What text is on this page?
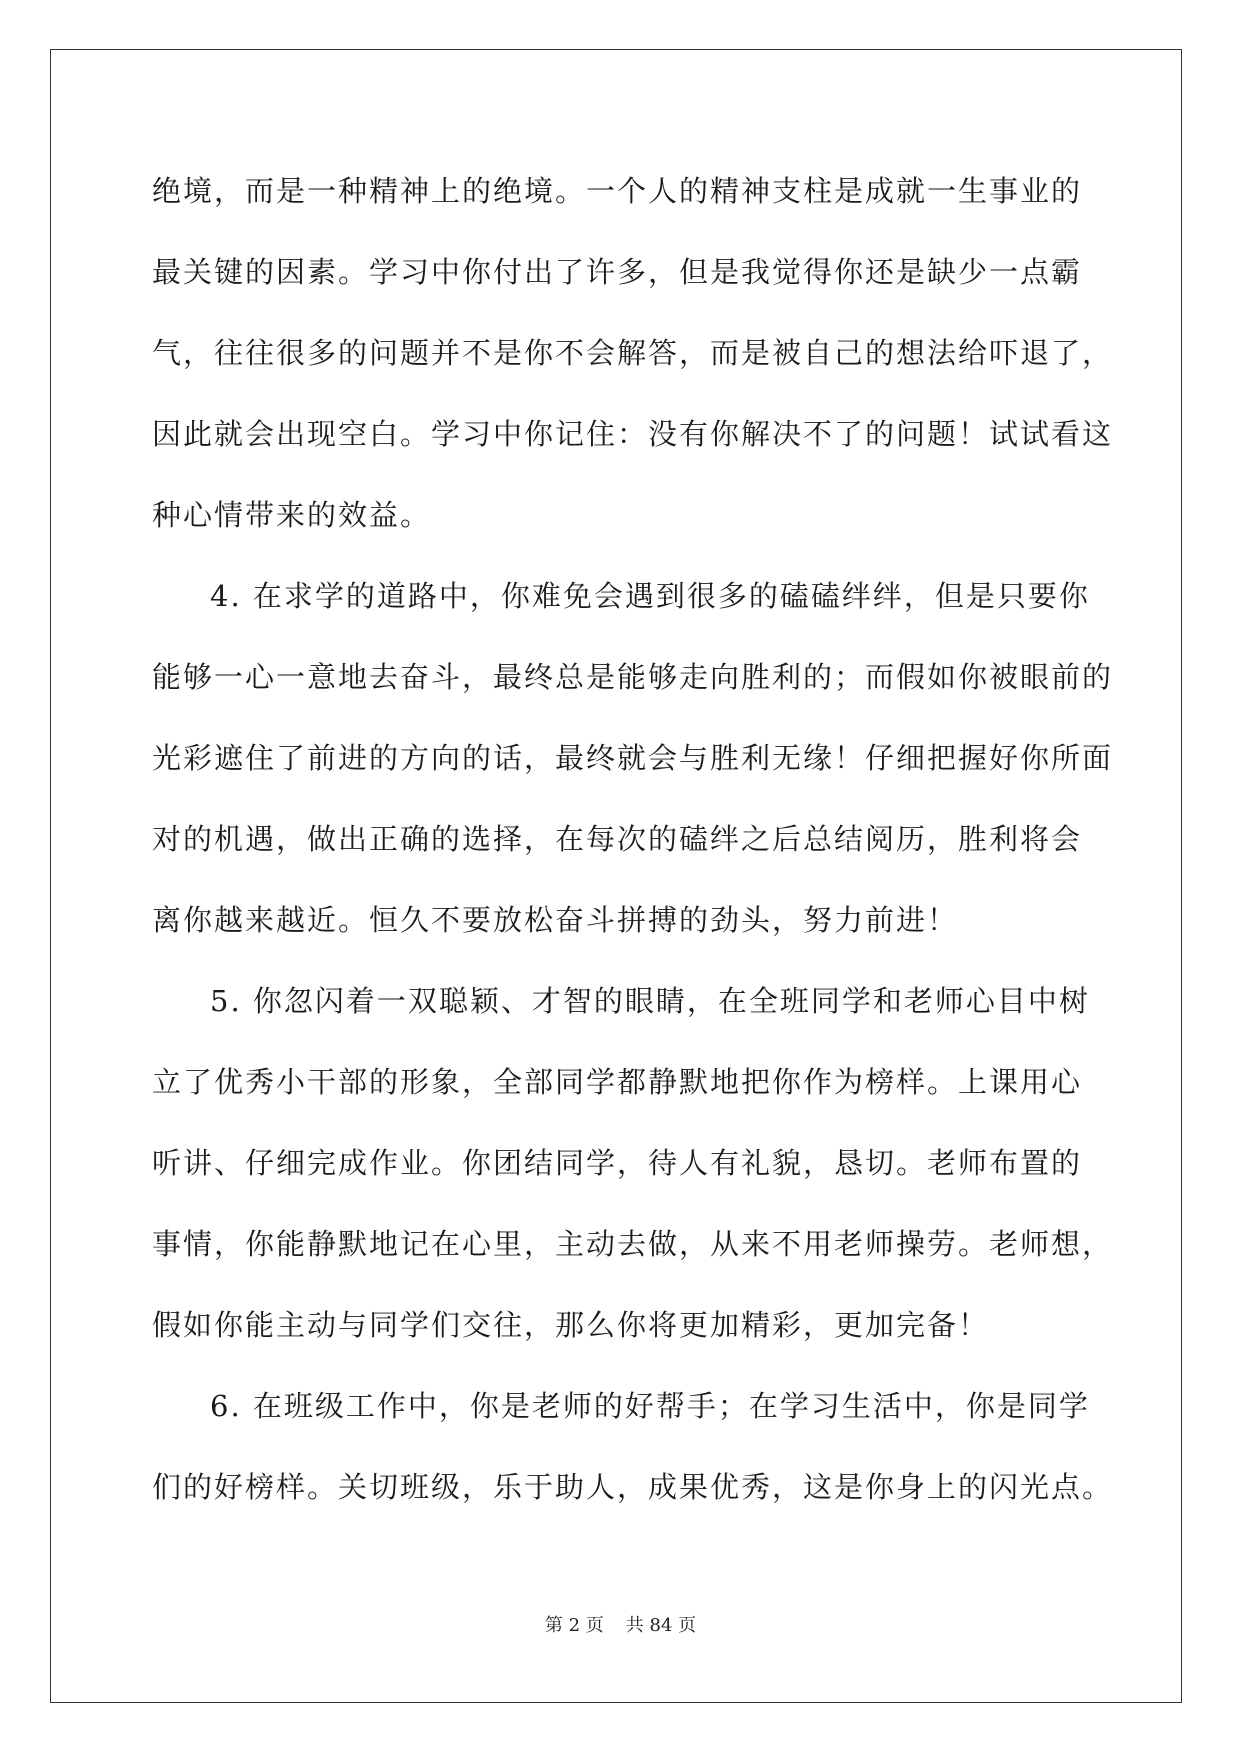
绝境，而是一种精神上的绝境。一个人的精神支柱是成就一生事业的
最关键的因素。学习中你付出了许多，但是我觉得你还是缺少一点霸
气，往往很多的问题并不是你不会解答，而是被自己的想法给吓退了，
因此就会出现空白。学习中你记住：没有你解决不了的问题！试试看这
种心情带来的效益。
4. 在求学的道路中，你难免会遇到很多的磕磕绊绊，但是只要你
能够一心一意地去奋斗，最终总是能够走向胜利的；而假如你被眼前的
光彩遮住了前进的方向的话，最终就会与胜利无缘！仔细把握好你所面
对的机遇，做出正确的选择，在每次的磕绊之后总结阅历，胜利将会
离你越来越近。恒久不要放松奋斗拼搏的劲头，努力前进！
5. 你忽闪着一双聪颖、才智的眼睛，在全班同学和老师心目中树
立了优秀小干部的形象，全部同学都静默地把你作为榜样。上课用心
听讲、仔细完成作业。你团结同学，待人有礼貌，恳切。老师布置的
事情，你能静默地记在心里，主动去做，从来不用老师操劳。老师想，
假如你能主动与同学们交往，那么你将更加精彩，更加完备！
6. 在班级工作中，你是老师的好帮手；在学习生活中，你是同学
们的好榜样。关切班级，乐于助人，成果优秀，这是你身上的闪光点。
第 2 页 共 84 页
